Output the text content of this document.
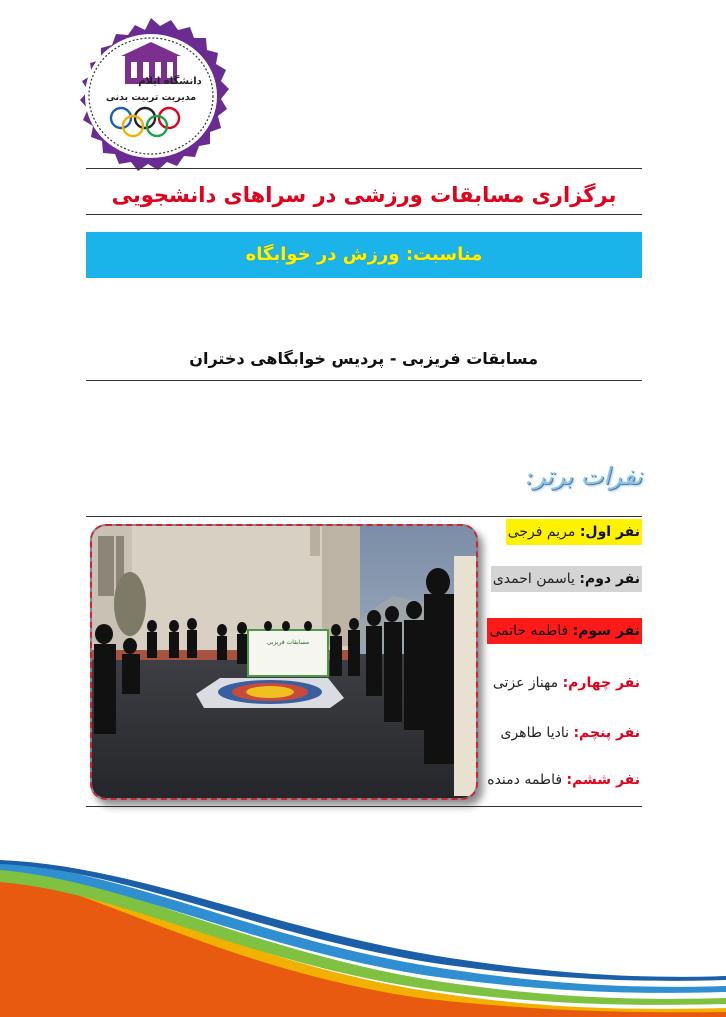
دانشگاه ایلام
مدیریت تربیت بدنی
برگزاری مسابقات ورزشی در سراهای دانشجویی
مناسبت: ورزش در خوابگاه
مسابقات فریزبی - پردیس خوابگاهی دختران
نفرات برتر:
مسابقات فریزبی
نفر اول: مریم فرجی
نفر دوم: یاسمن احمدی
نفر سوم: فاطمه حاتمی
نفر چهارم: مهناز عزتی
نفر پنچم: نادیا طاهری
نفر ششم: فاطمه دمنده
